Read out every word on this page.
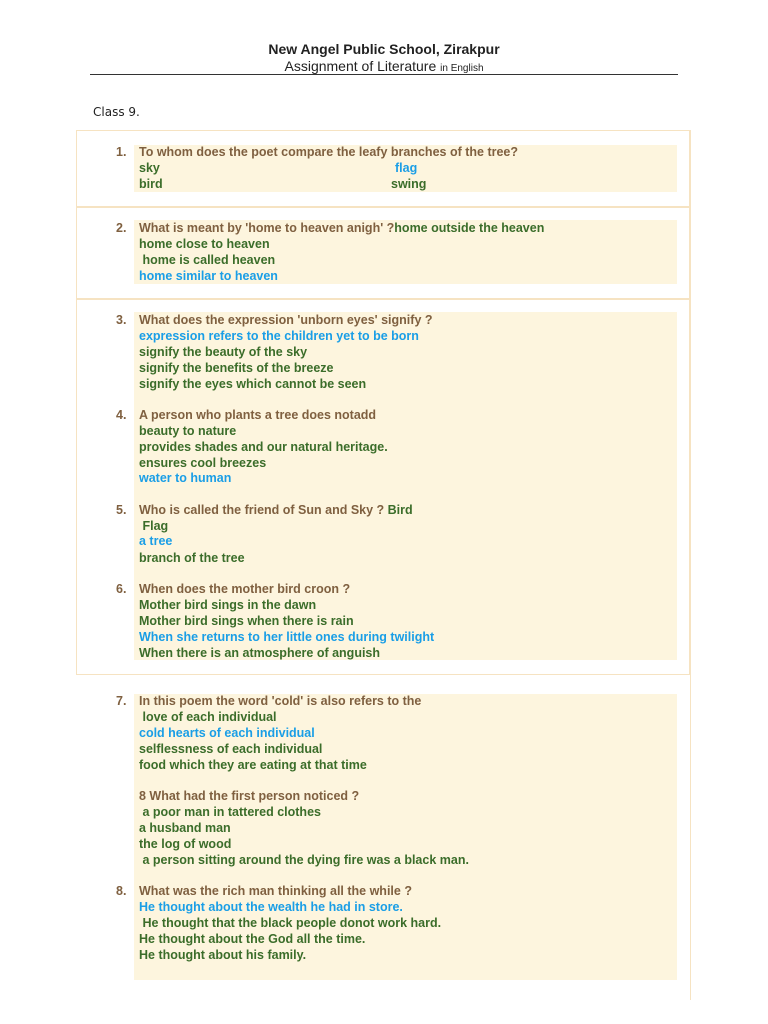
New Angel Public School, Zirakpur
Assignment of Literature in English
Class 9.
1. To whom does the poet compare the leafy branches of the tree?
sky	flag
bird	swing
2. What is meant by 'home to heaven anigh' ?home outside the heaven
home close to heaven
home is called heaven
home similar to heaven
3. What does the expression 'unborn eyes' signify ?
expression refers to the children yet to be born
signify the beauty of the sky
signify the benefits of the breeze
signify the eyes which cannot be seen
4. A person who plants a tree does notadd
beauty to nature
provides shades and our natural heritage.
ensures cool breezes
water to human
5. Who is called the friend of Sun and Sky ? Bird
Flag
a tree
branch of the tree
6. When does the mother bird croon ?
Mother bird sings in the dawn
Mother bird sings when there is rain
When she returns to her little ones during twilight
When there is an atmosphere of anguish
7. In this poem the word 'cold' is also refers to the
love of each individual
cold hearts of each individual
selflessness of each individual
food which they are eating at that time
8 What had the first person noticed ?
a poor man in tattered clothes
a husband man
the log of wood
a person sitting around the dying fire was a black man.
8. What was the rich man thinking all the while ?
He thought about the wealth he had in store.
He thought that the black people donot work hard.
He thought about the God all the time.
He thought about his family.
